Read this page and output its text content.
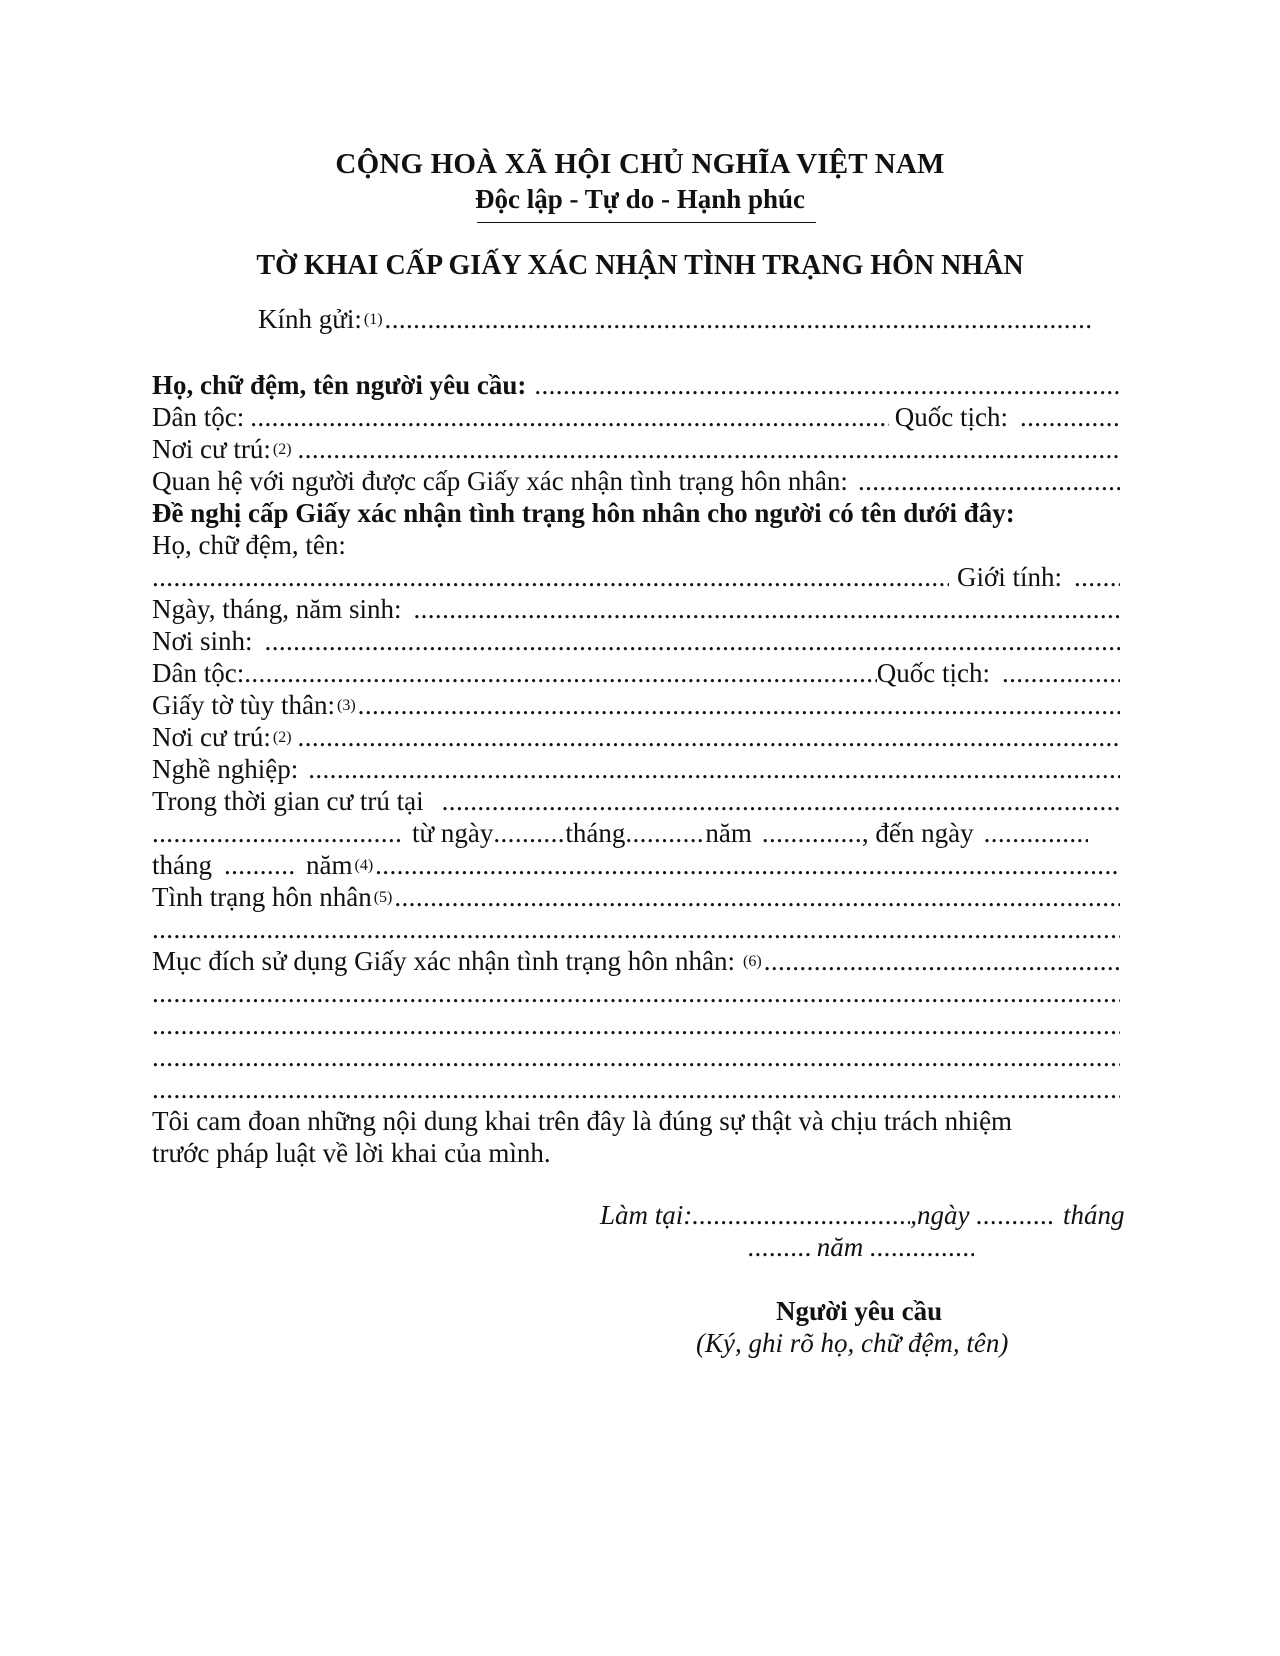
CỘNG HOÀ XÃ HỘI CHỦ NGHĨA VIỆT NAM
Độc lập - Tự do - Hạnh phúc
TỜ KHAI CẤP GIẤY XÁC NHẬN TÌNH TRẠNG HÔN NHÂN
Kính gửi:$^{(1)}$
.....
Họ, chữ đệm, tên người yêu cầu:
.....
Dân tộc: .....	Quốc tịch:
.....
Nơi cư trú:$^{(2)}$
.....
Quan hệ với người được cấp Giấy xác nhận tình trạng hôn nhân:
.....
Đề nghị cấp Giấy xác nhận tình trạng hôn nhân cho người có tên dưới đây:
Họ, chữ đệm, tên:
.....
Giới tính:
.....
Ngày, tháng, năm sinh:
.....
Nơi sinh:
.....
Dân tộc: .....	Quốc tịch:
.....
Giấy tờ tùy thân:$^{(3)}$
.....
Nơi cư trú:$^{(2)}$
.....
Nghề nghiệp:
.....
Trong thời gian cư trú tại
.....
.....
từ ngày .....	tháng .....	năm .....	, đến ngày
.....
tháng .....	năm$^{(4)}$
.....
Tình trạng hôn nhân$^{(5)}$
.....
.....
Mục đích sử dụng Giấy xác nhận tình trạng hôn nhân: $^{(6)}$
.....
.....
.....
.....
.....
Tôi cam đoan những nội dung khai trên đây là đúng sự thật và chịu trách nhiệm
trước pháp luật về lời khai của mình.
Làm tại: .....	,ngày .....	tháng
..... năm .....
Người yêu cầu
(Ký, ghi rõ họ, chữ đệm, tên)
